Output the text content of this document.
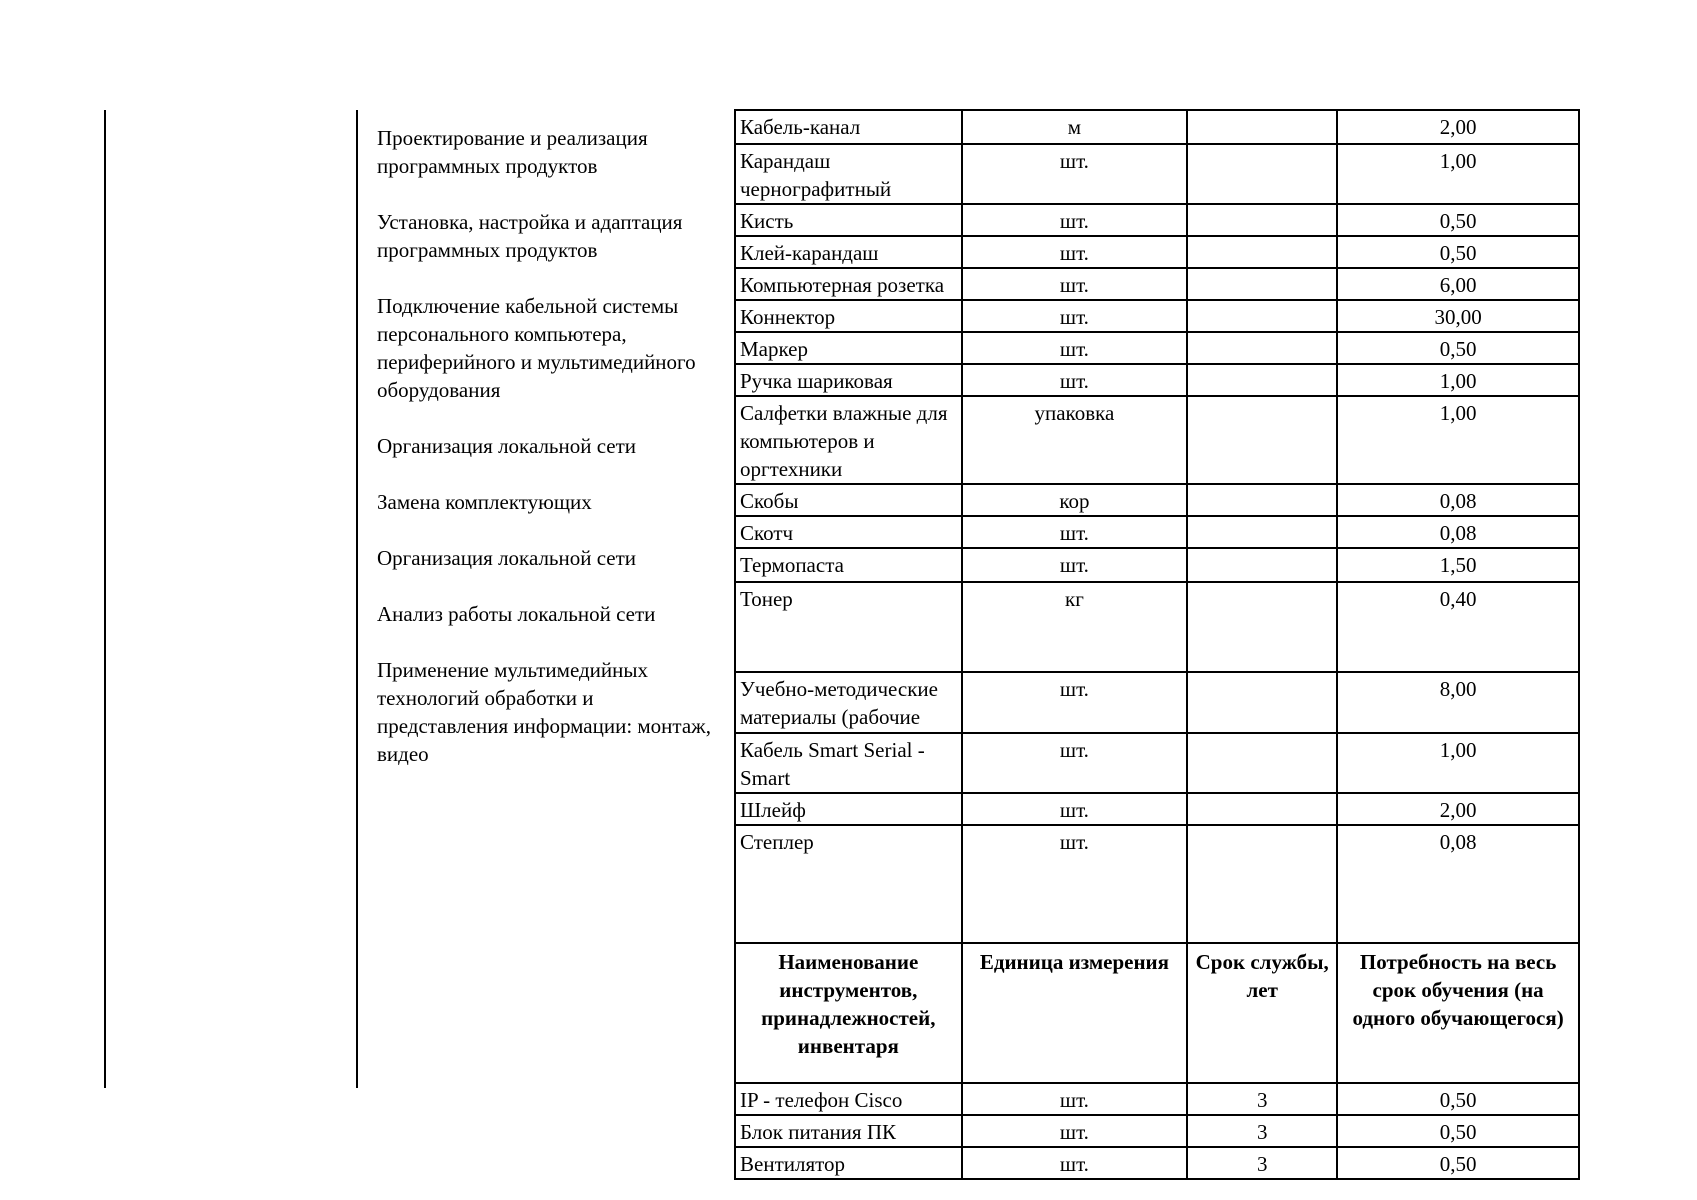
Проектирование и реализация программных продуктов
Установка, настройка и адаптация программных продуктов
Подключение кабельной системы персонального компьютера, периферийного и мультимедийного оборудования
Организация локальной сети
Замена комплектующих
Организация локальной сети
Анализ работы локальной сети
Применение мультимедийных технологий обработки и представления информации: монтаж, видео
Кабель-канал	м		2,00
Карандаш чернографитный	шт.		1,00
Кисть	шт.		0,50
Клей-карандаш	шт.		0,50
Компьютерная розетка	шт.		6,00
Коннектор	шт.		30,00
Маркер	шт.		0,50
Ручка шариковая	шт.		1,00
Салфетки влажные для компьютеров и оргтехники	упаковка		1,00
Скобы	кор		0,08
Скотч	шт.		0,08
Термопаста	шт.		1,50
Тонер	кг		0,40
Учебно-методические материалы (рабочие	шт.		8,00
Кабель Smart Serial - Smart	шт.		1,00
Шлейф	шт.		2,00
Степлер	шт.		0,08
Наименование инструментов, принадлежностей, инвентаря	Единица измерения	Срок службы, лет	Потребность на весь срок обучения (на одного обучающегося)
IP - телефон Cisco	шт.	3	0,50
Блок питания ПК	шт.	3	0,50
Вентилятор	шт.	3	0,50
